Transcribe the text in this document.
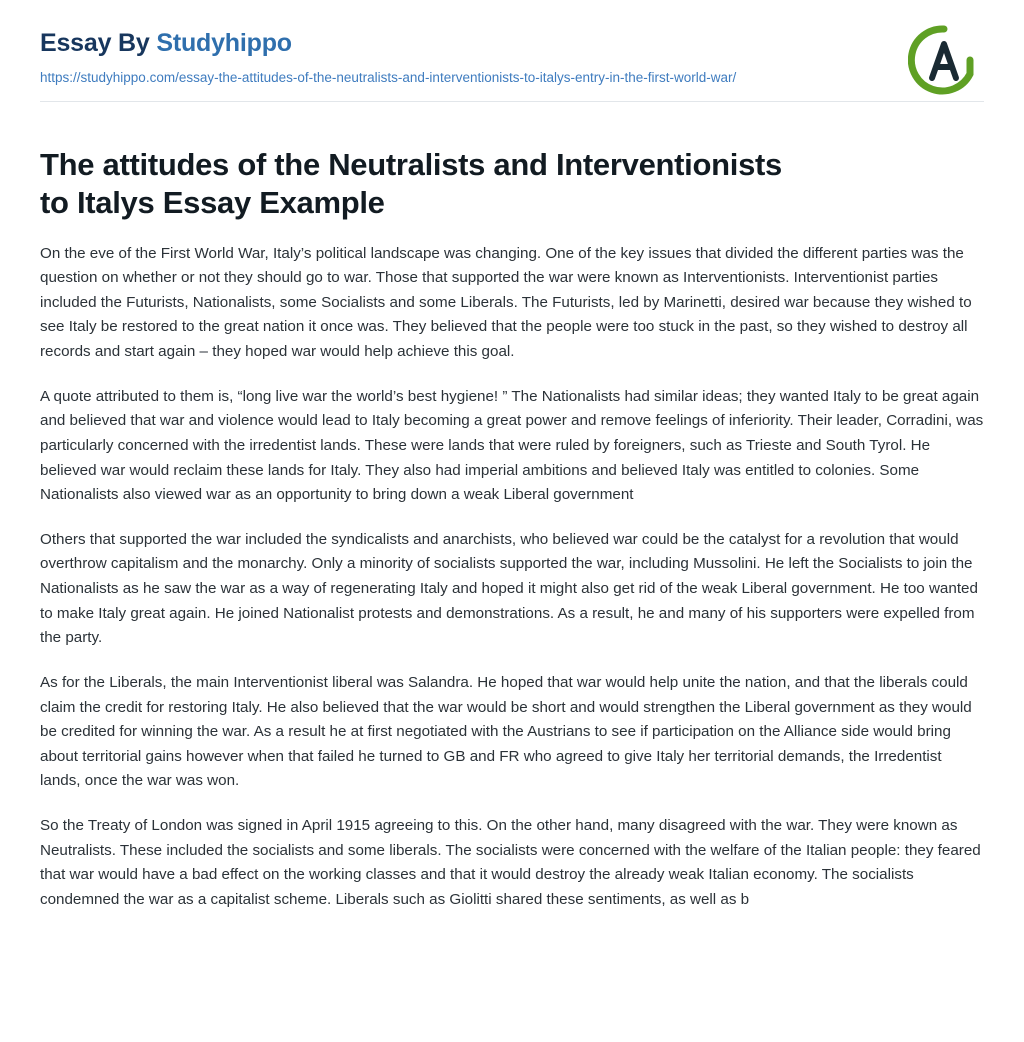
Essay By Studyhippo
https://studyhippo.com/essay-the-attitudes-of-the-neutralists-and-interventionists-to-italys-entry-in-the-first-world-war/
The attitudes of the Neutralists and Interventionists to Italys Essay Example

On the eve of the First World War, Italy’s political landscape was changing. One of the key issues that divided the different parties was the question on whether or not they should go to war. Those that supported the war were known as Interventionists. Interventionist parties included the Futurists, Nationalists, some Socialists and some Liberals. The Futurists, led by Marinetti, desired war because they wished to see Italy be restored to the great nation it once was. They believed that the people were too stuck in the past, so they wished to destroy all records and start again – they hoped war would help achieve this goal.

A quote attributed to them is, “long live war the world’s best hygiene! ” The Nationalists had similar ideas; they wanted Italy to be great again and believed that war and violence would lead to Italy becoming a great power and remove feelings of inferiority. Their leader, Corradini, was particularly concerned with the irredentist lands. These were lands that were ruled by foreigners, such as Trieste and South Tyrol. He believed war would reclaim these lands for Italy. They also had imperial ambitions and believed Italy was entitled to colonies. Some Nationalists also viewed war as an opportunity to bring down a weak Liberal government

Others that supported the war included the syndicalists and anarchists, who believed war could be the catalyst for a revolution that would overthrow capitalism and the monarchy. Only a minority of socialists supported the war, including Mussolini. He left the Socialists to join the Nationalists as he saw the war as a way of regenerating Italy and hoped it might also get rid of the weak Liberal government. He too wanted to make Italy great again. He joined Nationalist protests and demonstrations. As a result, he and many of his supporters were expelled from the party.

As for the Liberals, the main Interventionist liberal was Salandra. He hoped that war would help unite the nation, and that the liberals could claim the credit for restoring Italy. He also believed that the war would be short and would strengthen the Liberal government as they would be credited for winning the war. As a result he at first negotiated with the Austrians to see if participation on the Alliance side would bring about territorial gains however when that failed he turned to GB and FR who agreed to give Italy her territorial demands, the Irredentist lands, once the war was won.

So the Treaty of London was signed in April 1915 agreeing to this. On the other hand, many disagreed with the war. They were known as Neutralists. These included the socialists and some liberals. The socialists were concerned with the welfare of the Italian people: they feared that war would have a bad effect on the working classes and that it would destroy the already weak Italian economy. The socialists condemned the war as a capitalist scheme. Liberals such as Giolitti shared these sentiments, as well as b
